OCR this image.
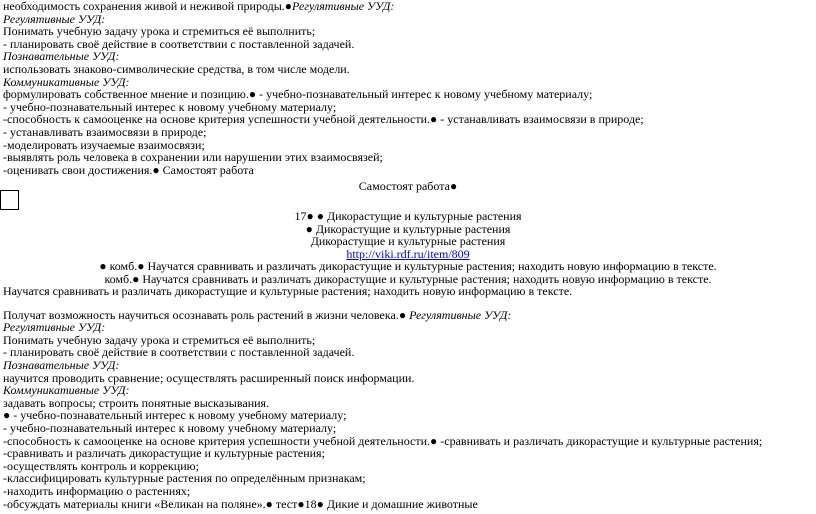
необходимость сохранения живой и неживой природы.●Регулятивные УУД:
Регулятивные УУД:
Понимать учебную задачу урока и стремиться её выполнить;
- планировать своё действие в соответствии с поставленной задачей.
Познавательные УУД:
использовать знаково-символические средства, в том числе модели.
Коммуникативные УУД:
формулировать собственное мнение и позицию.● - учебно-познавательный интерес к новому учебному материалу;
- учебно-познавательный интерес к новому учебному материалу;
-способность к самооценке на основе критерия успешности учебной деятельности.● - устанавливать взаимосвязи в природе;
- устанавливать взаимосвязи в природе;
-моделировать изучаемые взаимосвязи;
-выявлять роль человека в сохранении или нарушении этих взаимосвязей;
-оценивать свои достижения.● Самостоят работа
Самостоят работа●
17● ● Дикорастущие и культурные растения
● Дикорастущие и культурные растения
Дикорастущие и культурные растения
http://viki.rdf.ru/item/809
● комб.● Научатся сравнивать и различать дикорастущие и культурные растения; находить новую информацию в тексте.
комб.● Научатся сравнивать и различать дикорастущие и культурные растения; находить новую информацию в тексте.
Научатся сравнивать и различать дикорастущие и культурные растения; находить новую информацию в тексте.
Получат возможность научиться осознавать роль растений в жизни человека.● Регулятивные УУД:
Регулятивные УУД:
Понимать учебную задачу урока и стремиться её выполнить;
- планировать своё действие в соответствии с поставленной задачей.
Познавательные УУД:
научится проводить сравнение; осуществлять расширенный поиск информации.
Коммуникативные УУД:
задавать вопросы; строить понятные высказывания.
● - учебно-познавательный интерес к новому учебному материалу;
- учебно-познавательный интерес к новому учебному материалу;
-способность к самооценке на основе критерия успешности учебной деятельности.● -сравнивать и различать дикорастущие и культурные растения;
-сравнивать и различать дикорастущие и культурные растения;
-осуществлять контроль и коррекцию;
-классифицировать культурные растения по определённым признакам;
-находить информацию о растениях;
-обсуждать материалы книги «Великан на поляне».● тест●18● Дикие и домашние животные
